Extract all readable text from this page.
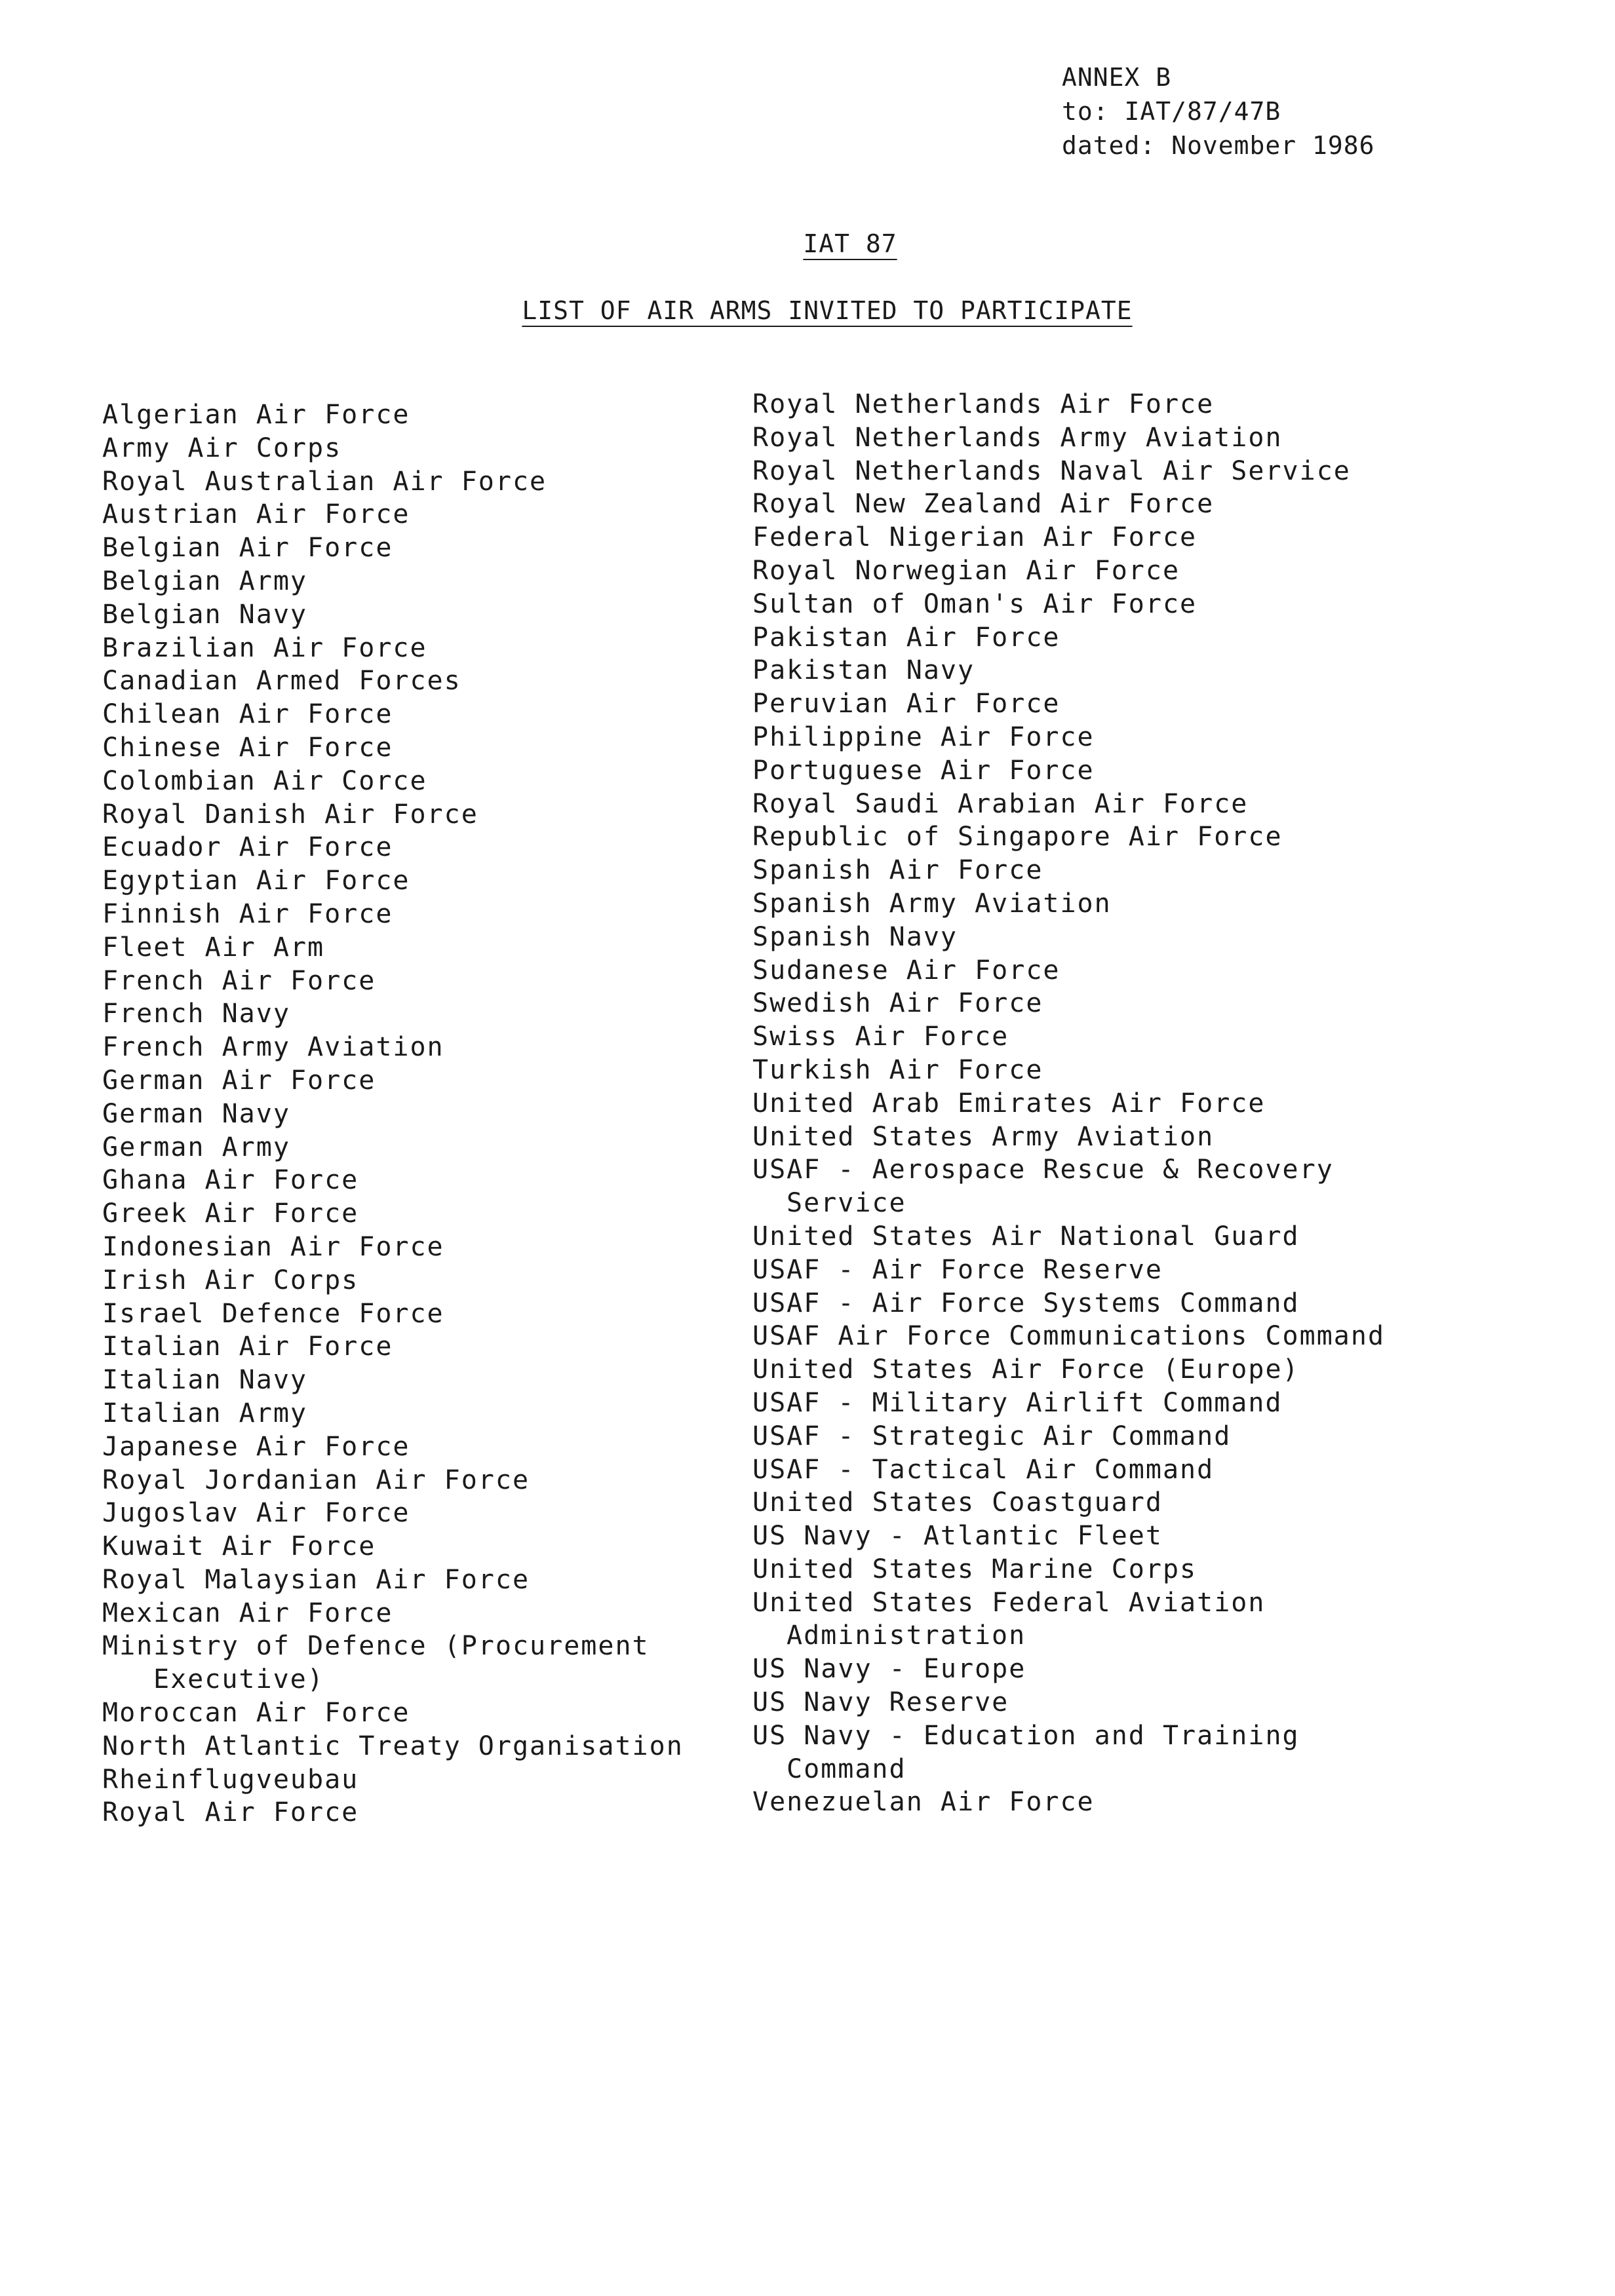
ANNEX B
to: IAT/87/47B
dated: November 1986
IAT 87
LIST OF AIR ARMS INVITED TO PARTICIPATE
Algerian Air Force
Army Air Corps
Royal Australian Air Force
Austrian Air Force
Belgian Air Force
Belgian Army
Belgian Navy
Brazilian Air Force
Canadian Armed Forces
Chilean Air Force
Chinese Air Force
Colombian Air Corce
Royal Danish Air Force
Ecuador Air Force
Egyptian Air Force
Finnish Air Force
Fleet Air Arm
French Air Force
French Navy
French Army Aviation
German Air Force
German Navy
German Army
Ghana Air Force
Greek Air Force
Indonesian Air Force
Irish Air Corps
Israel Defence Force
Italian Air Force
Italian Navy
Italian Army
Japanese Air Force
Royal Jordanian Air Force
Jugoslav Air Force
Kuwait Air Force
Royal Malaysian Air Force
Mexican Air Force
Ministry of Defence (Procurement
Executive)
Moroccan Air Force
North Atlantic Treaty Organisation
Rheinflugveubau
Royal Air Force
Royal Netherlands Air Force
Royal Netherlands Army Aviation
Royal Netherlands Naval Air Service
Royal New Zealand Air Force
Federal Nigerian Air Force
Royal Norwegian Air Force
Sultan of Oman's Air Force
Pakistan Air Force
Pakistan Navy
Peruvian Air Force
Philippine Air Force
Portuguese Air Force
Royal Saudi Arabian Air Force
Republic of Singapore Air Force
Spanish Air Force
Spanish Army Aviation
Spanish Navy
Sudanese Air Force
Swedish Air Force
Swiss Air Force
Turkish Air Force
United Arab Emirates Air Force
United States Army Aviation
USAF - Aerospace Rescue & Recovery
Service
United States Air National Guard
USAF - Air Force Reserve
USAF - Air Force Systems Command
USAF Air Force Communications Command
United States Air Force (Europe)
USAF - Military Airlift Command
USAF - Strategic Air Command
USAF - Tactical Air Command
United States Coastguard
US Navy - Atlantic Fleet
United States Marine Corps
United States Federal Aviation
Administration
US Navy - Europe
US Navy Reserve
US Navy - Education and Training
Command
Venezuelan Air Force
